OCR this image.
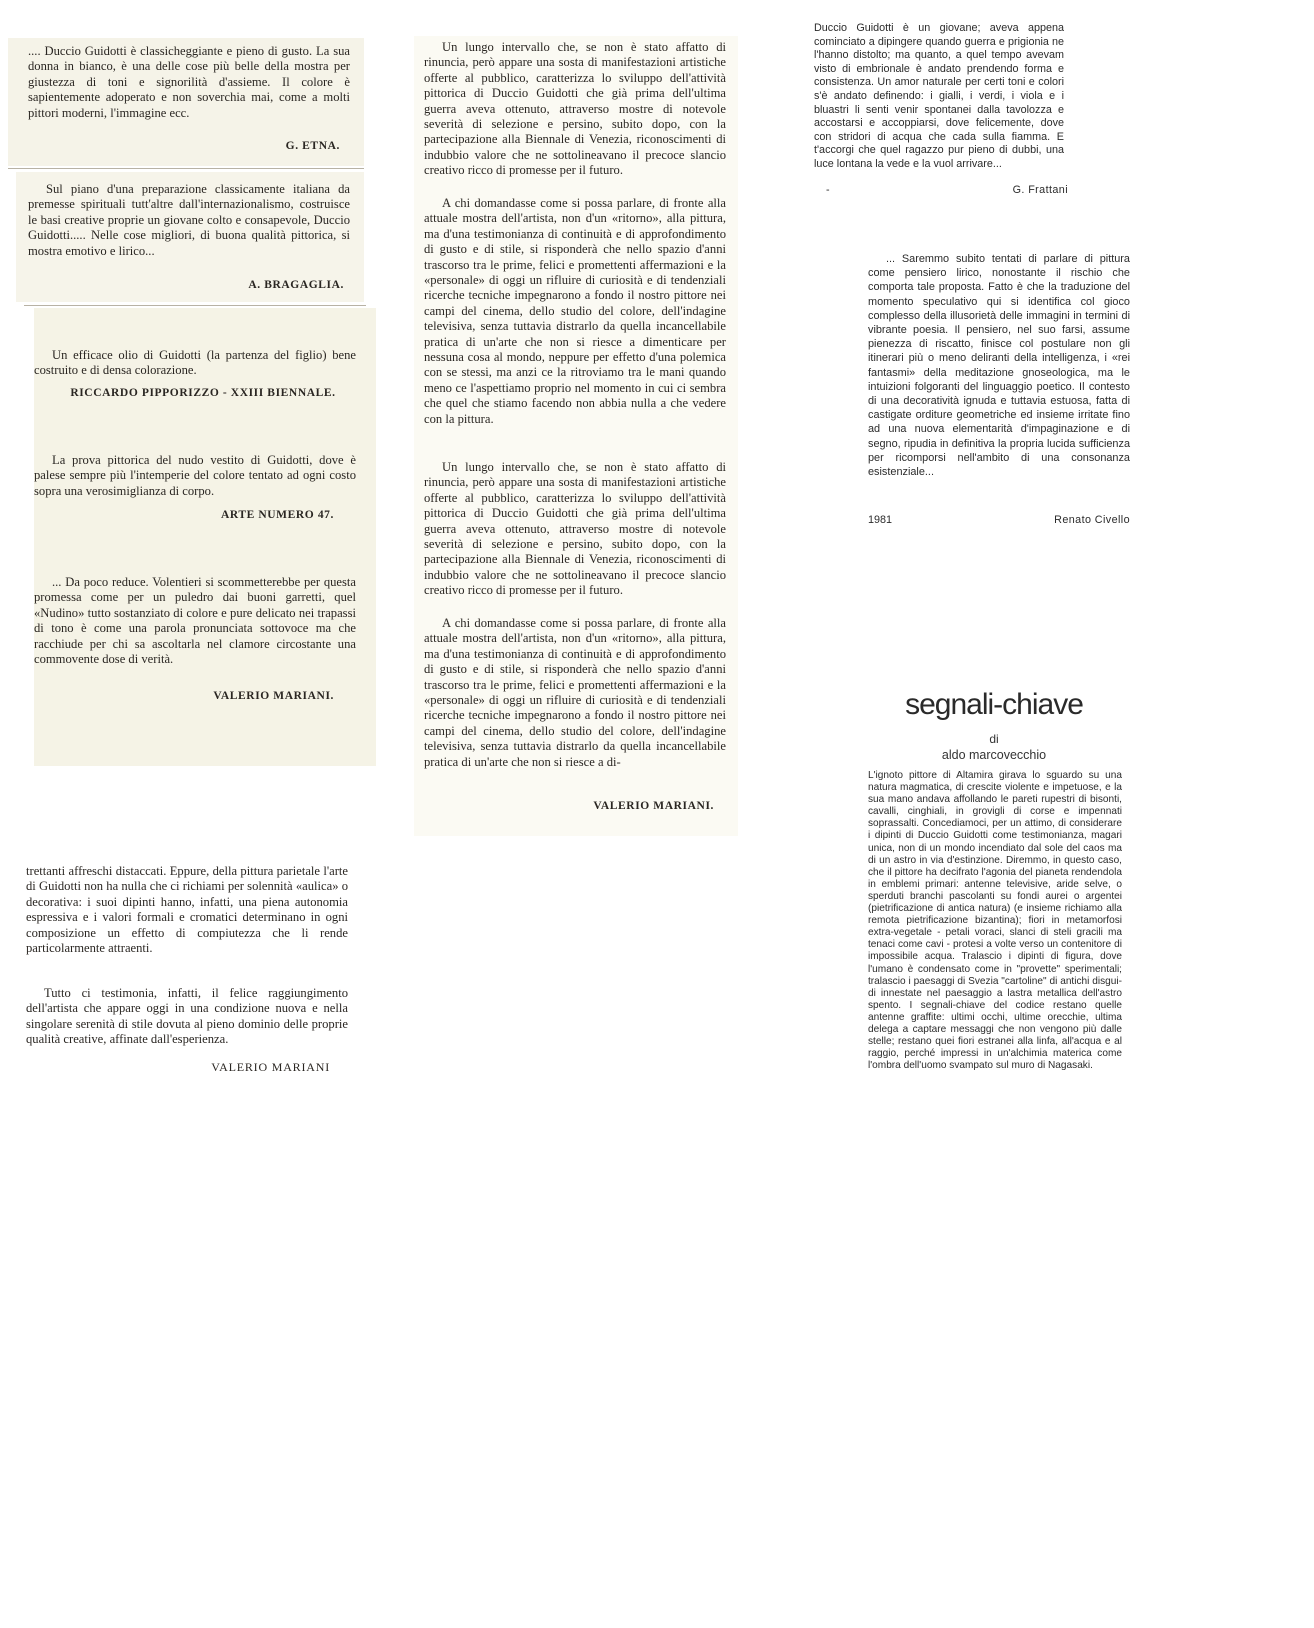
.... Duccio Guidotti è classicheggiante e pieno di gusto. La sua donna in bianco, è una delle cose più belle della mostra per giustezza di toni e signorilità d'assieme. Il colore è sapientemente adoperato e non soverchia mai, come a molti pittori moderni, l'immagine ecc.

G. ETNA.

Sul piano d'una preparazione classicamente italiana da premesse spirituali tutt'altre dall'internazionalismo, costruisce le basi creative proprie un giovane colto e consapevole, Duccio Guidotti..... Nelle cose migliori, di buona qualità pittorica, si mostra emotivo e lirico...

A. BRAGAGLIA.

Un efficace olio di Guidotti (la partenza del figlio) bene costruito e di densa colorazione.

RICCARDO PIPPORIZZO - XXIII BIENNALE.

La prova pittorica del nudo vestito di Guidotti, dove è palese sempre più l'intemperie del colore tentato ad ogni costo sopra una verosimiglianza di corpo.

ARTE NUMERO 47.

... Da poco reduce. Volentieri si scommetterebbe per questa promessa come per un puledro dai buoni garretti, quel «Nudino» tutto sostanziato di colore e pure delicato nei trapassi di tono è come una parola pronunciata sottovoce ma che racchiude per chi sa ascoltarla nel clamore circostante una commovente dose di verità.

VALERIO MARIANI.

trettanti affreschi distaccati. Eppure, della pittura parietale l'arte di Guidotti non ha nulla che ci richiami per solennità «aulica» o decorativa: i suoi dipinti hanno, infatti, una piena autonomia espressiva e i valori formali e cromatici determinano in ogni composizione un effetto di compiutezza che li rende particolarmente attraenti.

Tutto ci testimonia, infatti, il felice raggiungimento dell'artista che appare oggi in una condizione nuova e nella singolare serenità di stile dovuta al pieno dominio delle proprie qualità creative, affinate dall'esperienza.

VALERIO MARIANI

Un lungo intervallo che, se non è stato affatto di rinuncia, però appare una sosta di manifestazioni artistiche offerte al pubblico, caratterizza lo sviluppo dell'attività pittorica di Duccio Guidotti che già prima dell'ultima guerra aveva ottenuto, attraverso mostre di notevole severità di selezione e persino, subito dopo, con la partecipazione alla Biennale di Venezia, riconoscimenti di indubbio valore che ne sottolineavano il precoce slancio creativo ricco di promesse per il futuro.

A chi domandasse come si possa parlare, di fronte alla attuale mostra dell'artista, non d'un «ritorno», alla pittura, ma d'una testimonianza di continuità e di approfondimento di gusto e di stile, si risponderà che nello spazio d'anni trascorso tra le prime, felici e promettenti affermazioni e la «personale» di oggi un rifluire di curiosità e di tendenziali ricerche tecniche impegnarono a fondo il nostro pittore nei campi del cinema, dello studio del colore, dell'indagine televisiva, senza tuttavia distrarlo da quella incancellabile pratica di un'arte che non si riesce a dimenticare per nessuna cosa al mondo, neppure per effetto d'una polemica con se stessi, ma anzi ce la ritroviamo tra le mani quando meno ce l'aspettiamo proprio nel momento in cui ci sembra che quel che stiamo facendo non abbia nulla a che vedere con la pittura.

Un lungo intervallo che, se non è stato affatto di rinuncia, però appare una sosta di manifestazioni artistiche offerte al pubblico, caratterizza lo sviluppo dell'attività pittorica di Duccio Guidotti che già prima dell'ultima guerra aveva ottenuto, attraverso mostre di notevole severità di selezione e persino, subito dopo, con la partecipazione alla Biennale di Venezia, riconoscimenti di indubbio valore che ne sottolineavano il precoce slancio creativo ricco di promesse per il futuro.

A chi domandasse come si possa parlare, di fronte alla attuale mostra dell'artista, non d'un «ritorno», alla pittura, ma d'una testimonianza di continuità e di approfondimento di gusto e di stile, si risponderà che nello spazio d'anni trascorso tra le prime, felici e promettenti affermazioni e la «personale» di oggi un rifluire di curiosità e di tendenziali ricerche tecniche impegnarono a fondo il nostro pittore nei campi del cinema, dello studio del colore, dell'indagine televisiva, senza tuttavia distrarlo da quella incancellabile pratica di un'arte che non si riesce a di-

VALERIO MARIANI.

Duccio Guidotti è un giovane; aveva appena cominciato a dipingere quando guerra e prigionia ne l'hanno distolto; ma quanto, a quel tempo avevam visto di embrionale è andato prendendo forma e consistenza. Un amor naturale per certi toni e colori s'è andato definendo: i gialli, i verdi, i viola e i bluastri li senti venir spontanei dalla tavolozza e accostarsi e accoppiarsi, dove felicemente, dove con stridori di acqua che cada sulla fiamma. E t'accorgi che quel ragazzo pur pieno di dubbi, una luce lontana la vede e la vuol arrivare...

-	G. Frattani

... Saremmo subito tentati di parlare di pittura come pensiero lirico, nonostante il rischio che comporta tale proposta. Fatto è che la traduzione del momento speculativo qui si identifica col gioco complesso della illusorietà delle immagini in termini di vibrante poesia. Il pensiero, nel suo farsi, assume pienezza di riscatto, finisce col postulare non gli itinerari più o meno deliranti della intelligenza, i «rei fantasmi» della meditazione gnoseologica, ma le intuizioni folgoranti del linguaggio poetico. Il contesto di una decoratività ignuda e tuttavia estuosa, fatta di castigate orditure geometriche ed insieme irritate fino ad una nuova elementarità d'impaginazione e di segno, ripudia in definitiva la propria lucida sufficienza per ricomporsi nell'ambito di una consonanza esistenziale...

1981	Renato Civello
segnali-chiave
di
aldo marcovecchio

L'ignoto pittore di Altamira girava lo sguardo su una natura magmatica, di crescite violente e impetuose, e la sua mano andava affollando le pareti rupestri di bisonti, cavalli, cinghiali, in grovigli di corse e impennati soprassalti. Concediamoci, per un attimo, di considerare i dipinti di Duccio Guidotti come testimonianza, magari unica, non di un mondo incendiato dal sole del caos ma di un astro in via d'estinzione. Diremmo, in questo caso, che il pittore ha decifrato l'agonia del pianeta rendendola in emblemi primari: antenne televisive, aride selve, o sperduti branchi pascolanti su fondi aurei o argentei (pietrificazione di antica natura) (e insieme richiamo alla remota pietrificazione bizantina); fiori in metamorfosi extra-vegetale - petali voraci, slanci di steli gracili ma tenaci come cavi - protesi a volte verso un contenitore di impossibile acqua. Tralascio i dipinti di figura, dove l'umano è condensato come in "provette" sperimentali; tralascio i paesaggi di Svezia "cartoline" di antichi disgui- di innestate nel paesaggio a lastra metallica dell'astro spento. I segnali-chiave del codice restano quelle antenne graffite: ultimi occhi, ultime orecchie, ultima delega a captare messaggi che non vengono più dalle stelle; restano quei fiori estranei alla linfa, all'acqua e al raggio, perché impressi in un'alchimia materica come l'ombra dell'uomo svampato sul muro di Nagasaki.
